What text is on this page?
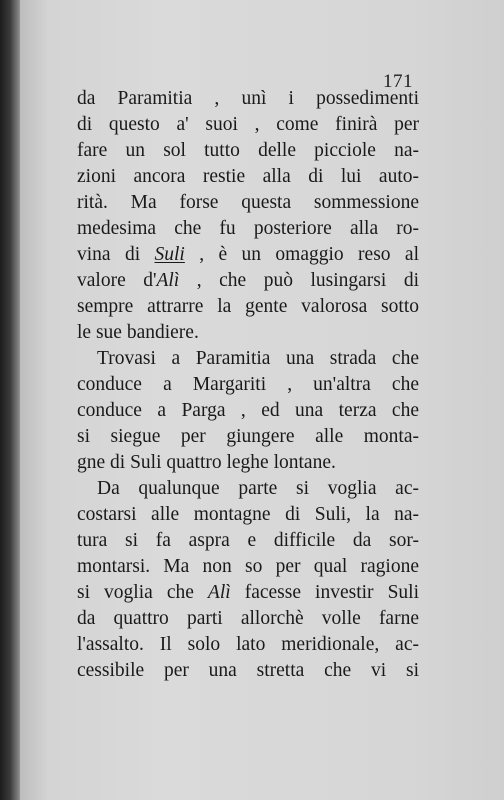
171
da Paramitia , unì i possedimenti
di questo a' suoi , come finirà per
fare un sol tutto delle picciole na-
zioni ancora restie alla di lui auto-
rità. Ma forse questa sommessione
medesima che fu posteriore alla ro-
vina di Suli , è un omaggio reso al
valore d'Alì , che può lusingarsi di
sempre attrarre la gente valorosa sotto
le sue bandiere.
Trovasi a Paramitia una strada che
conduce a Margariti , un'altra che
conduce a Parga , ed una terza che
si siegue per giungere alle monta-
gne di Suli quattro leghe lontane.
Da qualunque parte si voglia ac-
costarsi alle montagne di Suli, la na-
tura si fa aspra e difficile da sor-
montarsi. Ma non so per qual ragione
si voglia che Alì facesse investir Suli
da quattro parti allorchè volle farne
l'assalto. Il solo lato meridionale, ac-
cessibile per una stretta che vi si
